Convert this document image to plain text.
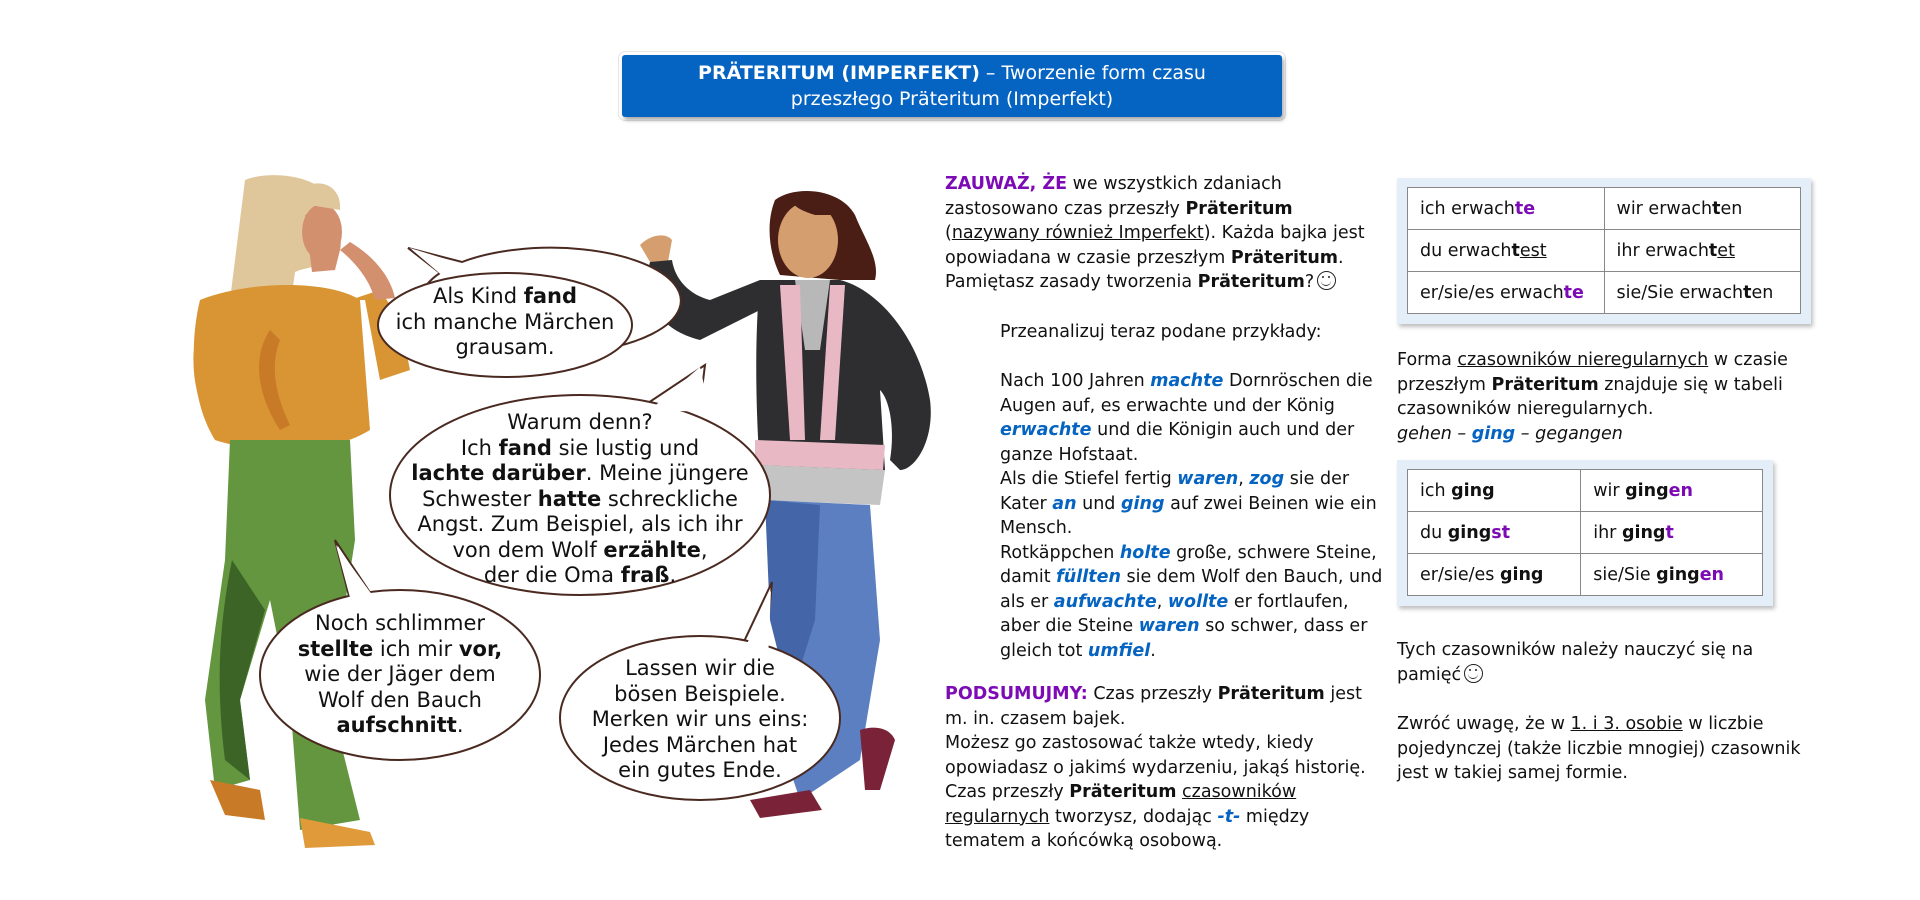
PRÄTERITUM (IMPERFEKT) – Tworzenie form czasu
przeszłego Präteritum (Imperfekt)
Als Kind fand
ich manche Märchen
grausam.
Warum denn?
Ich fand sie lustig und
lachte darüber. Meine jüngere
Schwester hatte schreckliche
Angst. Zum Beispiel, als ich ihr
von dem Wolf erzählte,
der die Oma fraß.
Noch schlimmer
stellte ich mir vor,
wie der Jäger dem
Wolf den Bauch
aufschnitt.
Lassen wir die
bösen Beispiele.
Merken wir uns eins:
Jedes Märchen hat
ein gutes Ende.
ZAUWAŻ, ŻE we wszystkich zdaniach zastosowano czas przeszły Präteritum (nazywany również Imperfekt). Każda bajka jest opowiadana w czasie przeszłym Präteritum. Pamiętasz zasady tworzenia Präteritum?
Przeanalizuj teraz podane przykłady:
Nach 100 Jahren machte Dornröschen die Augen auf, es erwachte und der König erwachte und die Königin auch und der ganze Hofstaat.
Als die Stiefel fertig waren, zog sie der Kater an und ging auf zwei Beinen wie ein Mensch.
Rotkäppchen holte große, schwere Steine, damit füllten sie dem Wolf den Bauch, und als er aufwachte, wollte er fortlaufen, aber die Steine waren so schwer, dass er gleich tot umfiel.
PODSUMUJMY: Czas przeszły Präteritum jest m. in. czasem bajek.
Możesz go zastosować także wtedy, kiedy opowiadasz o jakimś wydarzeniu, jakąś historię.
Czas przeszły Präteritum czasowników regularnych tworzysz, dodając -t- między tematem a końcówką osobową.
ich erwachte	wir erwachten
du erwachtest	ihr erwachtet
er/sie/es erwachte	sie/Sie erwachten
Forma czasowników nieregularnych w czasie przeszłym Präteritum znajduje się w tabeli czasowników nieregularnych.
gehen – ging – gegangen
ich ging	wir gingen
du gingst	ihr gingt
er/sie/es ging	sie/Sie gingen
Tych czasowników należy nauczyć się na pamięć
Zwróć uwagę, że w 1. i 3. osobie w liczbie pojedynczej (także liczbie mnogiej) czasownik jest w takiej samej formie.
